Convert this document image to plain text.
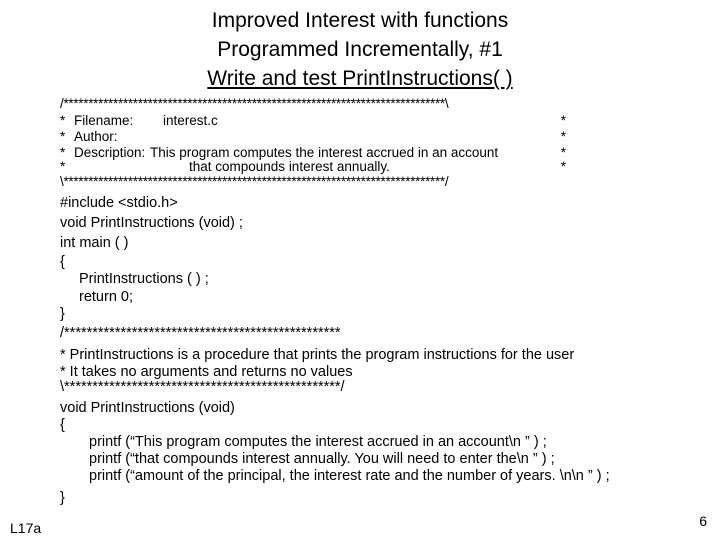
Improved Interest with functions
Programmed Incrementally, #1
Write and test PrintInstructions( )
/*****************************************************************************\
* Filename: interest.c	*
* Author:	*
* Description: This program computes the interest accrued in an account	*
*	that compounds interest annually.	*
\*****************************************************************************/
#include <stdio.h>
void PrintInstructions (void) ;
int main ( )
{
PrintInstructions ( ) ;
return 0;
}
/*************************************************
* PrintInstructions is a procedure that prints the program instructions for the user
* It takes no arguments and returns no values
\*************************************************/
void PrintInstructions (void)
{
printf (“This program computes the interest accrued in an account\n ” ) ;
printf (“that compounds interest annually. You will need to enter the\n ” ) ;
printf (“amount of the principal, the interest rate and the number of years. \n\n ” ) ;
}
L17a	6
